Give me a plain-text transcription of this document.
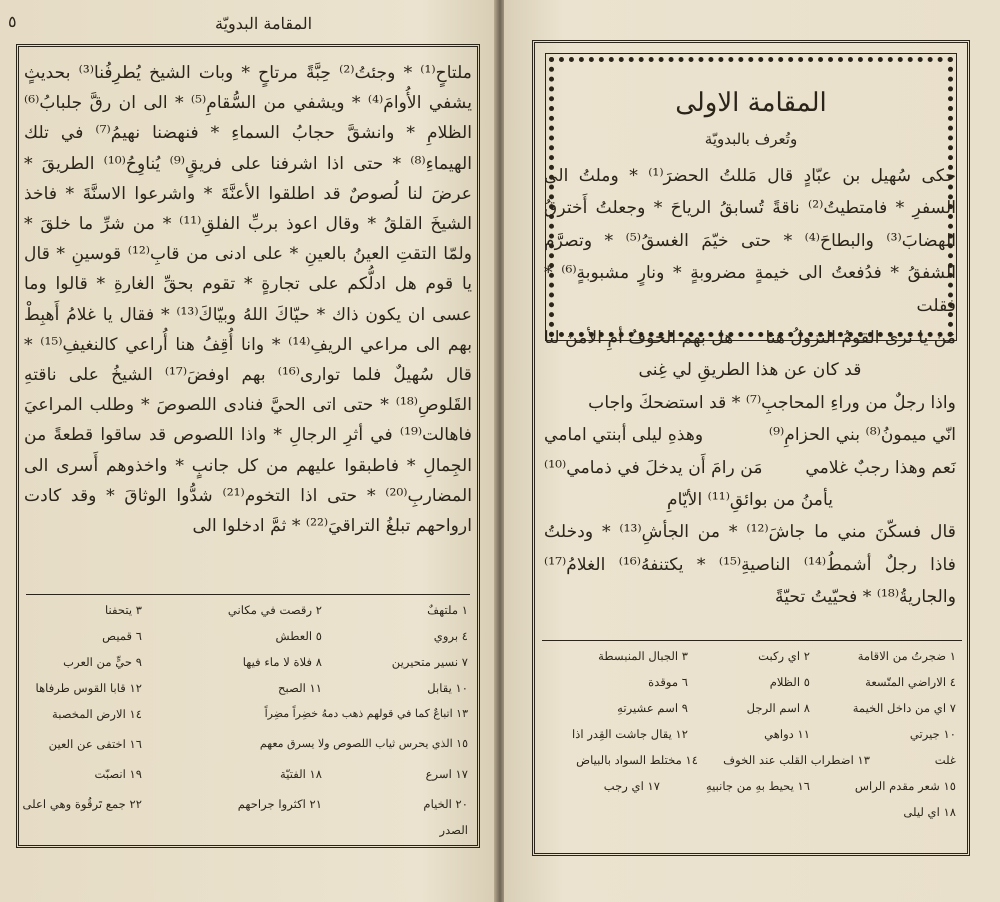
المقامة البدويّة
٥

ملتاحٍ⁽¹⁾ * وجئتُ⁽²⁾ حِبَّةً مرتاحٍ * وبات الشيخ يُطرِفُنا⁽³⁾ بحديثٍ يشفي الأُوامَ⁽⁴⁾ * ويشفي من السُّقامِ⁽⁵⁾ * الى ان رقَّ جلبابُ⁽⁶⁾ الظلامِ * وانشقَّ حجابُ السماءِ * فنهضنا نهيمُ⁽⁷⁾ في تلك الهيماءِ⁽⁸⁾ * حتى اذا اشرفنا على فريقٍ⁽⁹⁾ يُناوِحُ⁽¹⁰⁾ الطريقَ * عرضَ لنا لُصوصٌ قد اطلقوا الأعنَّةَ * واشرعوا الاسنَّةَ * فاخذ الشيخَ القلقُ * وقال اعوذ بربِّ الفلقِ⁽¹¹⁾ * من شرِّ ما خلقَ * ولمّا التقتِ العينُ بالعينِ * على ادنى من قابِ⁽¹²⁾ قوسينِ * قال يا قوم هل ادلُّكم على تجارةٍ * تقوم بحقِّ الغارةِ * قالوا وما عسى ان يكون ذاك * حيّاكَ اللهُ وبيّاكَ⁽¹³⁾ * فقال يا غلامُ أَهبِطْ بهم الى مراعي الريفِ⁽¹⁴⁾ * وانا أُقِفُ هنا أُراعي كالنغيفِ⁽¹⁵⁾ * قال سُهيلٌ فلما توارى⁽¹⁶⁾ بهم اوفضَ⁽¹⁷⁾ الشيخُ على ناقتهِ القَلوصِ⁽¹⁸⁾ * حتى اتى الحيَّ فنادى اللصوصَ * وطلب المراعيَ فاهالت⁽¹⁹⁾ في أثرِ الرجالِ * واذا اللصوص قد ساقوا قطعةً من الجِمالِ * فاطبقوا عليهم من كل جانبٍ * واخذوهم أَسرى الى المضاربِ⁽²⁰⁾ * حتى اذا التخوم⁽²¹⁾ شدُّوا الوثاقَ * وقد كادت ارواحهم تبلغُ التراقيَ⁽²²⁾ * ثمَّ ادخلوا الى

١ ملتهفٌ
٢ رقصت في مكاني
٣ يتحفنا
٤ بروي
٥ العطش
٦ قميص
٧ نسير متحيرين
٨ فلاة لا ماء فيها
٩ حيٍّ من العرب
١٠ يقابل
١١ الصبح
١٢ قابا القوس طرفاها
١٣ اتباعٌ كما في قولهم ذهب دمهُ خضِراً مضِراً
١٤ الارض المخصبة
١٥ الذي يحرس ثياب اللصوص ولا يسرق معهم
١٦ اختفى عن العين
١٧ اسرع
١٨ الفتيّة
١٩ انصبّت
٢٠ الخيام
٢١ اكثروا جراحهم
٢٢ جمع تَرقُوة وهي اعلى
الصدر
المقامة الاولى
وتُعرف بالبدويّة

حكى سُهيل بن عبّادٍ قال مَللتُ الحضرَ⁽¹⁾ * وملتُ الى السفرِ * فامتطيتُ⁽²⁾ ناقةً تُسابقُ الرياحَ * وجعلتُ أَخترقُ الهضابَ⁽³⁾ والبطاحَ⁽⁴⁾ * حتى خيّمَ الغسقُ⁽⁵⁾ * وتصرَّم الشفقُ * فدُفعتُ الى خيمةٍ مضروبةٍ * ونارٍ مشبوبةٍ⁽⁶⁾ * فقلت

مَن يا ترى القومُ النزولُ هنا
هل بهم الخوفُ أمِ الأمنُ لنا

قد كان عن هذا الطريقِ لي غِنى

واذا رجلٌ من وراءِ المحاجبِ⁽⁷⁾ * قد استضحكَ واجاب

انّي ميمونُ⁽⁸⁾ بني الحزامِ⁽⁹⁾
وهذهِ ليلى أبنتي امامي
نَعم وهذا رجبٌ غلامي
مَن رامَ أَن يدخلَ في ذمامي⁽¹⁰⁾

يأمنُ من بوائقِ⁽¹¹⁾ الأيّامِ

قال فسكّنَ مني ما جاشَ⁽¹²⁾ * من الجأشِ⁽¹³⁾ * ودخلتُ فاذا رجلٌ أشمطُ⁽¹⁴⁾ الناصيةِ⁽¹⁵⁾ * يكتنفهُ⁽¹⁶⁾ الغلامُ⁽¹⁷⁾ والجاريةُ⁽¹⁸⁾ * فحيّيتُ تحيّةً

١ ضجرتُ من الاقامة
٢ اي ركبت
٣ الجبال المنبسطة
٤ الاراضي المتّسعة
٥ الظلام
٦ موقدة
٧ اي من داخل الخيمة
٨ اسم الرجل
٩ اسم عشيرتهِ
١٠ جيرتي
١١ دواهي
١٢ يقال جاشت القِدر اذا
غلت
١٣ اضطراب القلب عند الخوف
١٤ مختلط السواد بالبياض
١٥ شعر مقدم الراس
١٦ يحيط بهِ من جانبيهِ
١٧ اي رجب
١٨ اي ليلى
